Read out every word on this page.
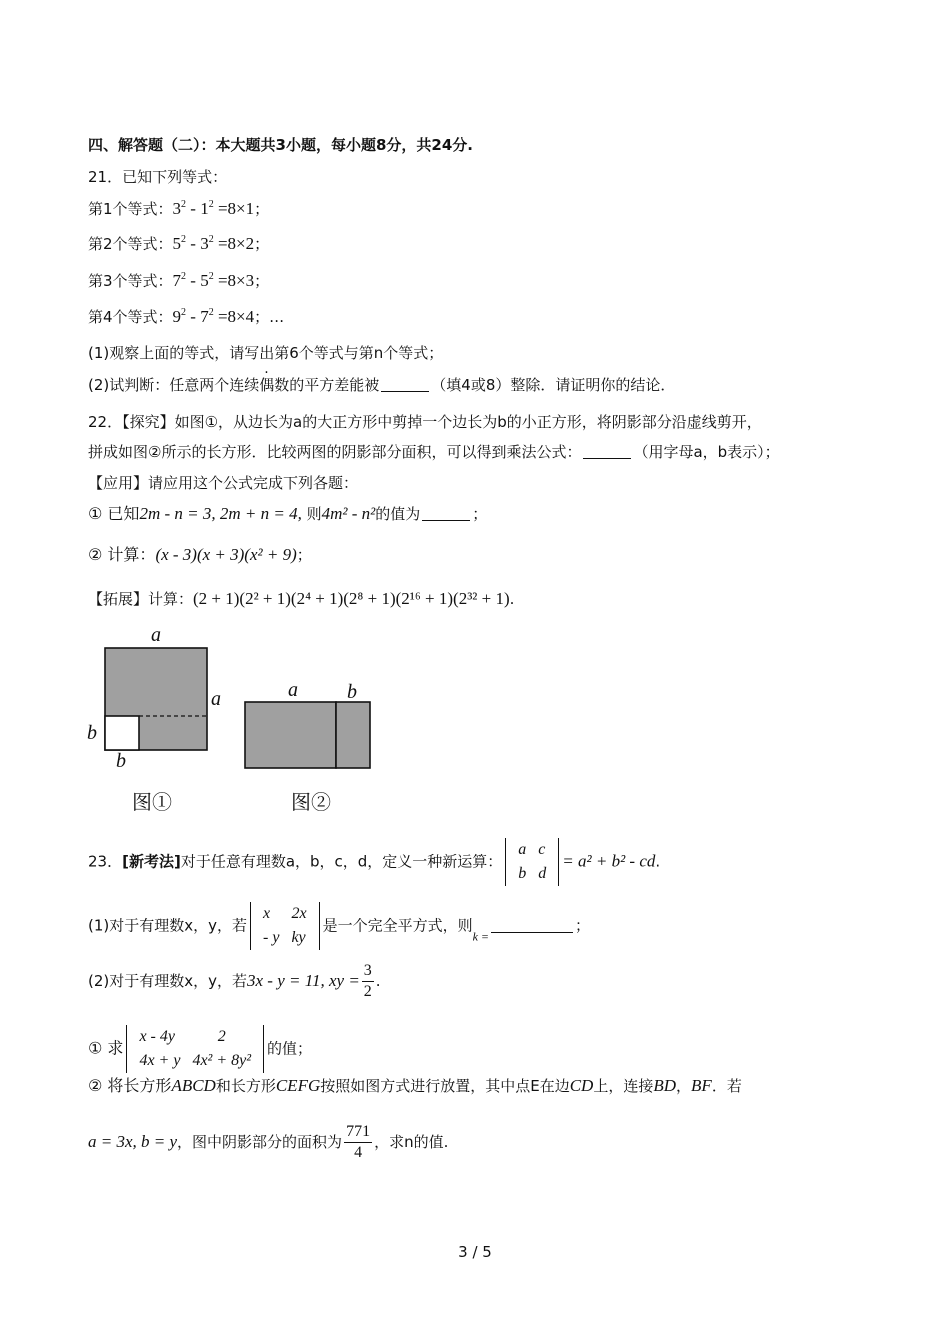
四、解答题（二）：本大题共3小题，每小题8分，共24分.
21．已知下列等式：
第1个等式：$3^2 - 1^2 =8\times 1$；
第2个等式：$5^2 - 3^2 =8\times 2$；
第3个等式：$7^2 - 5^2 =8\times 3$；
第4个等式：$9^2 - 7^2 =8\times 4$；…
(1)观察上面的等式，请写出第6个等式与第n个等式；
(2)试判断：任意两个连续偶数的平方差能被	（填4或8）整除．请证明你的结论．
22．【探究】如图①，从边长为a的大正方形中剪掉一个边长为b的小正方形，将阴影部分沿虚线剪开，
拼成如图②所示的长方形．比较两图的阴影部分面积，可以得到乘法公式：	（用字母a，b表示）；
【应用】请应用这个公式完成下列各题：
① 已知2m - n = 3, 2m + n = 4, 则4m² - n²的值为	；
② 计算：(x - 3)(x + 3)(x² + 9)；
【拓展】计算：(2 + 1)(2² + 1)(2⁴ + 1)(2⁸ + 1)(2¹⁶ + 1)(2³² + 1).
a
a
b
b
a b
图①	图②
23．[新考法]对于任意有理数a，b，c，d，定义一种新运算：
a	c
b	d
= a² + b² - cd.
(1)对于有理数x，y，若
x	2x
- y	ky
是一个完全平方式，则$_{k =}$；
(2)对于有理数x，y，若3x - y = 11, xy = $\frac{3}{2}$ .
① 求
x - 4y	2
4x + y	4x² + 8y²
的值；
② 将长方形ABCD和长方形CEFG按照如图方式进行放置，其中点E在边CD上，连接BD，BF．若
a = 3x, b = y，图中阴影部分的面积为 $\frac{771}{4}$ ，求n的值.
3 / 5
